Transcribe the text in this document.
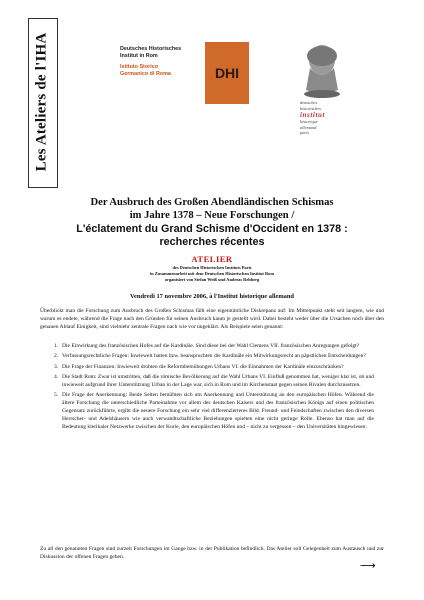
Les Ateliers de l'IHA	Deutsches Historisches
Institut in Rom
Istituto Storico
Germanico di Roma	DHI
deutsches
historisches
institut
historique
allemand
paris
Der Ausbruch des Großen Abendländischen Schismas
im Jahre 1378 – Neue Forschungen /
L'éclatement du Grand Schisme d'Occident en 1378 :
recherches récentes
ATELIER
des Deutschen Historischen Instituts Paris
in Zusammenarbeit mit dem Deutschen Historischen Institut Rom
organisiert von Stefan Weiß und Andreas Rehberg
Vendredi 17 novembre 2006, à l'Institut historique allemand

Überblickt man die Forschung zum Ausbruch des Großen Schismas fällt eine eigentümliche Diskrepanz auf: Im Mittelpunkt steht seit langem, wie und warum es endete, während die Frage nach den Gründen für seinen Ausbruch kaum je gestellt wird. Dabei besteht weder über die Ursachen noch über den genauen Ablauf Einigkeit, sind vielmehr zentrale Fragen nach wie vor ungeklärt. Als Beispiele seien genannt:

1. Die Einwirkung des französischen Hofes auf die Kardinäle. Sind diese bei der Wahl Clemens VII. französischen Anregungen gefolgt?
2. Verfassungsrechtliche Fragen: Inwieweit hatten bzw. beanspruchten die Kardinäle ein Mitwirkungsrecht an päpstlichen Entscheidungen?
3. Die Frage der Finanzen: Inwieweit drohten die Reformbemühungen Urbans VI. die Einnahmen der Kardinäle einzuschränken?
4. Die Stadt Rom: Zwar ist umstritten, daß die römische Bevölkerung auf die Wahl Urbans VI. Einfluß genommen hat, weniger klar ist, ob und inwieweit aufgrund ihrer Unterstützung Urban in der Lage war, sich in Rom und im Kirchenstaat gegen seinen Rivalen durchzusetzen.
5. Die Frage der Anerkennung: Beide Seiten bemühten sich um Anerkennung und Unterstützung an den europäischen Höfen. Während die ältere Forschung die unterschiedliche Parteinahme vor allem des deutschen Kaisers und des französischen Königs auf einen politischen Gegensatz zurückführte, ergibt die neuere Forschung ein sehr viel differenzierteres Bild. Freund- und Feindschaften zwischen den diversen Herrscher- und Adelshäusern wie auch verwandtschaftliche Beziehungen spielten eine nicht geringe Rolle. Ebenso hat man auf die Bedeutung klerikaler Netzwerke zwischen der Kurie, den europäischen Höfen und – nicht zu vergessen – den Universitäten hingewiesen.
Zu all den genannten Fragen sind zurzeit Forschungen im Gange bzw. in der Publikation befindlich. Das Atelier soll Gelegenheit zum Austausch und zur Diskussion der offenen Fragen geben.
⟶
